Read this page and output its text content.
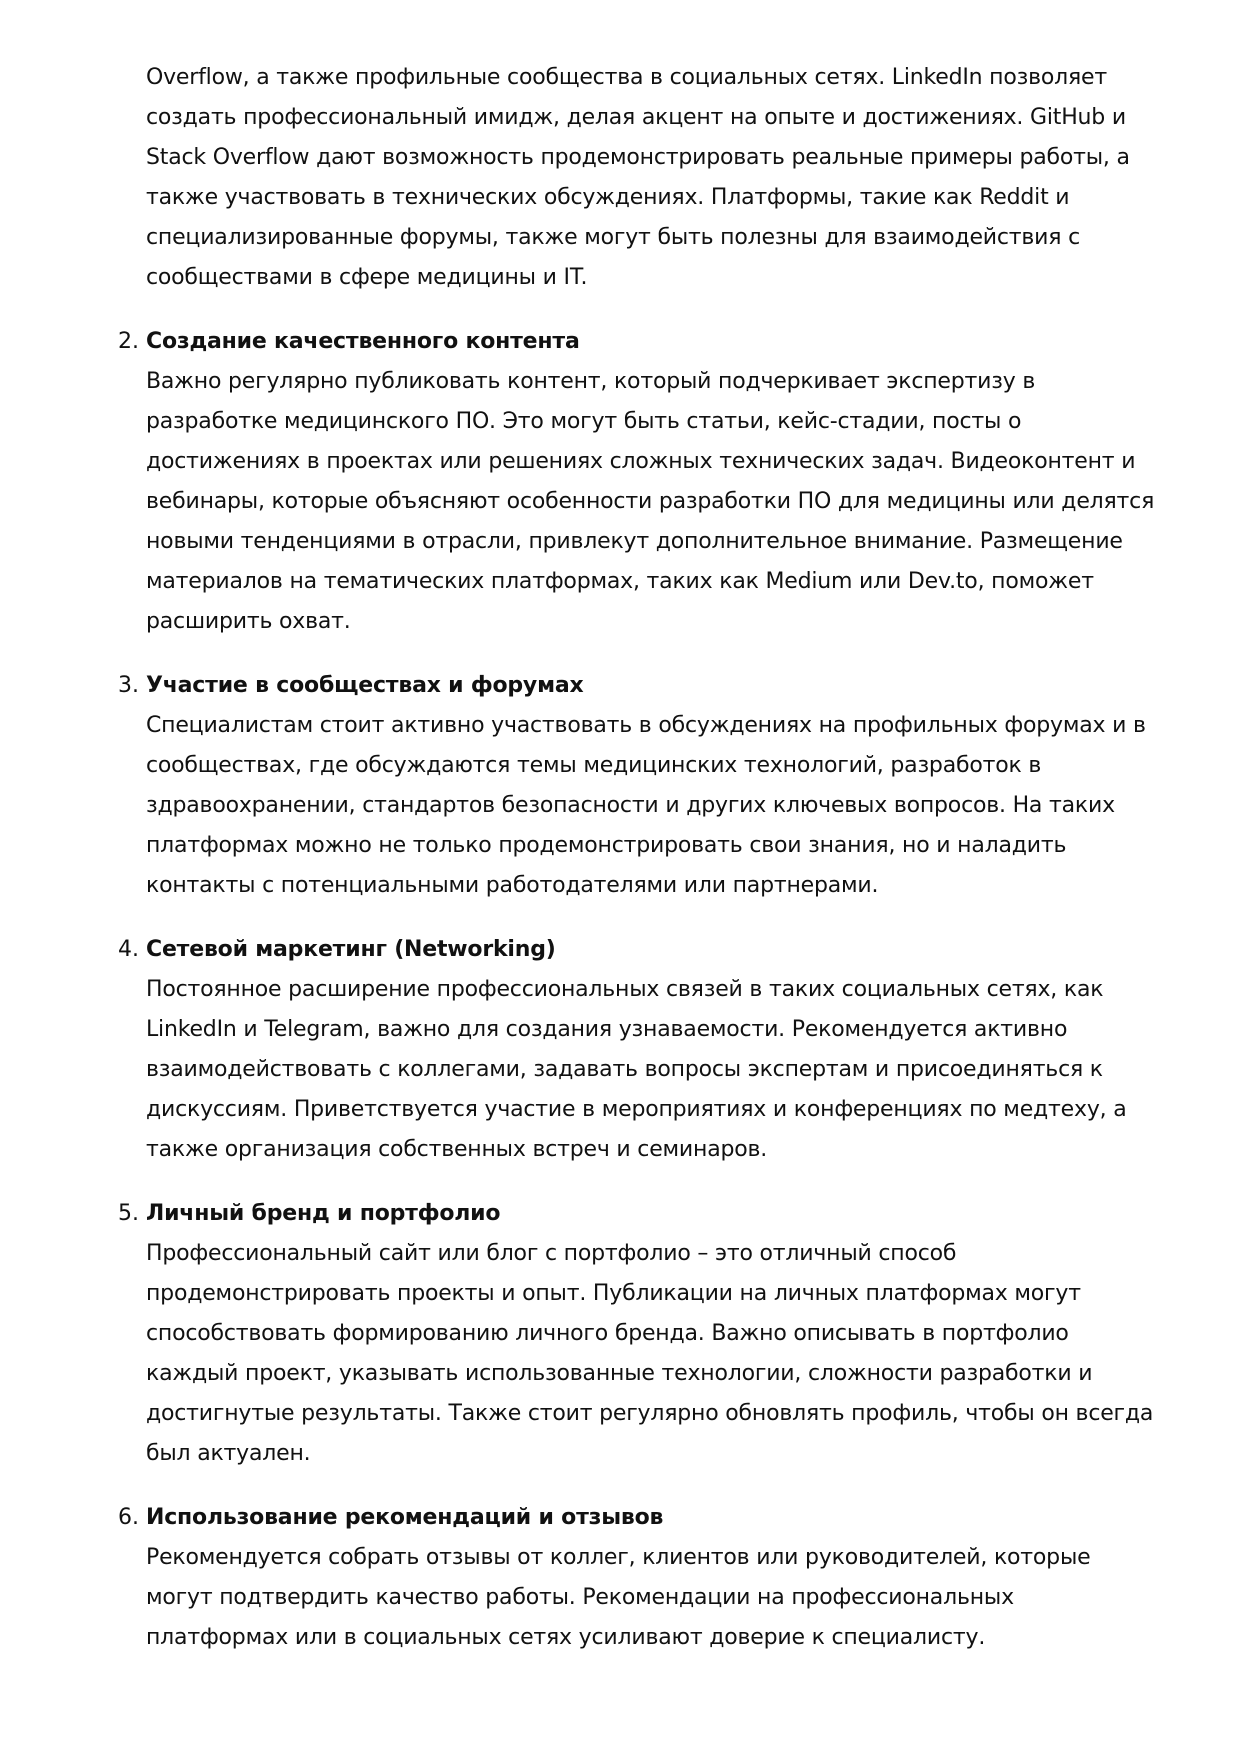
Overflow, а также профильные сообщества в социальных сетях. LinkedIn позволяет создать профессиональный имидж, делая акцент на опыте и достижениях. GitHub и Stack Overflow дают возможность продемонстрировать реальные примеры работы, а также участвовать в технических обсуждениях. Платформы, такие как Reddit и специализированные форумы, также могут быть полезны для взаимодействия с сообществами в сфере медицины и IT.

2. Создание качественного контента
Важно регулярно публиковать контент, который подчеркивает экспертизу в разработке медицинского ПО. Это могут быть статьи, кейс-стадии, посты о достижениях в проектах или решениях сложных технических задач. Видеоконтент и вебинары, которые объясняют особенности разработки ПО для медицины или делятся новыми тенденциями в отрасли, привлекут дополнительное внимание. Размещение материалов на тематических платформах, таких как Medium или Dev.to, поможет расширить охват.
3. Участие в сообществах и форумах
Специалистам стоит активно участвовать в обсуждениях на профильных форумах и в сообществах, где обсуждаются темы медицинских технологий, разработок в здравоохранении, стандартов безопасности и других ключевых вопросов. На таких платформах можно не только продемонстрировать свои знания, но и наладить контакты с потенциальными работодателями или партнерами.
4. Сетевой маркетинг (Networking)
Постоянное расширение профессиональных связей в таких социальных сетях, как LinkedIn и Telegram, важно для создания узнаваемости. Рекомендуется активно взаимодействовать с коллегами, задавать вопросы экспертам и присоединяться к дискуссиям. Приветствуется участие в мероприятиях и конференциях по медтеху, а также организация собственных встреч и семинаров.
5. Личный бренд и портфолио
Профессиональный сайт или блог с портфолио – это отличный способ продемонстрировать проекты и опыт. Публикации на личных платформах могут способствовать формированию личного бренда. Важно описывать в портфолио каждый проект, указывать использованные технологии, сложности разработки и достигнутые результаты. Также стоит регулярно обновлять профиль, чтобы он всегда был актуален.
6. Использование рекомендаций и отзывов
Рекомендуется собрать отзывы от коллег, клиентов или руководителей, которые могут подтвердить качество работы. Рекомендации на профессиональных платформах или в социальных сетях усиливают доверие к специалисту.
